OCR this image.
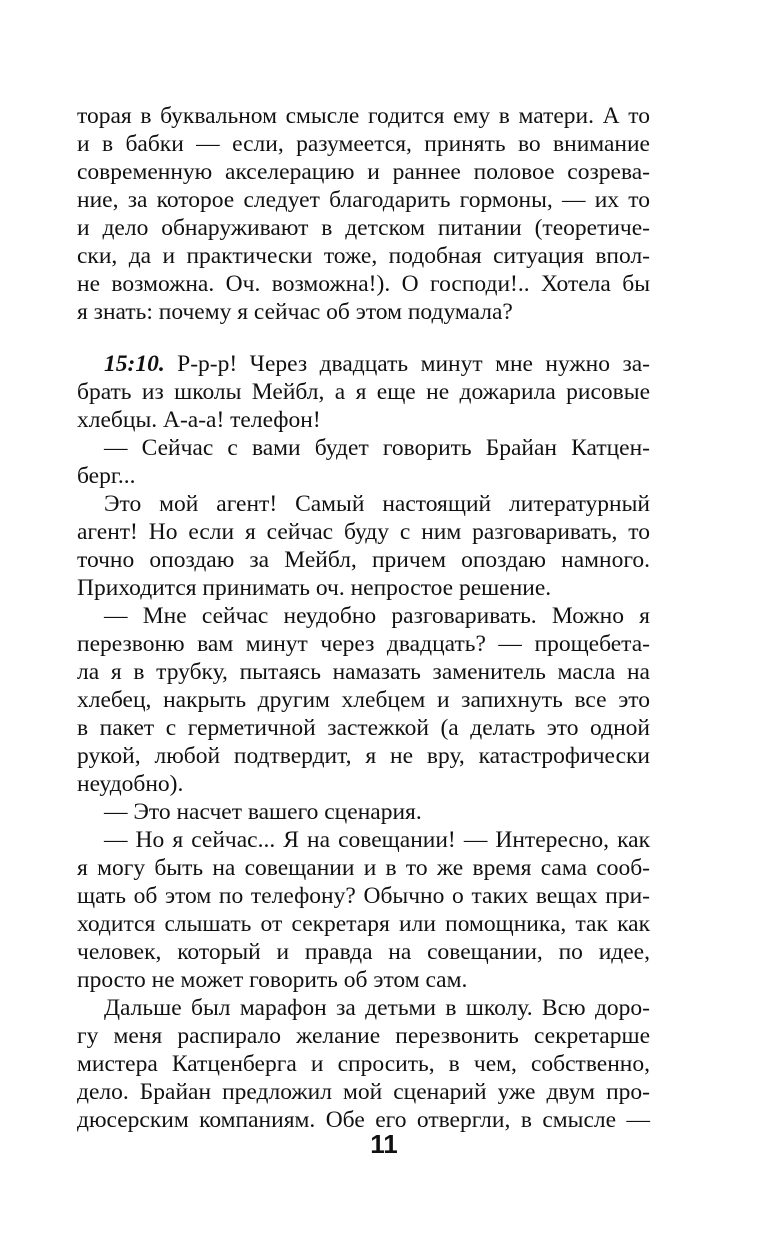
торая в буквальном смысле годится ему в матери. А то
и в бабки — если, разумеется, принять во внимание
современную акселерацию и раннее половое созрева-
ние, за которое следует благодарить гормоны, — их то
и дело обнаруживают в детском питании (теоретиче-
ски, да и практически тоже, подобная ситуация впол-
не возможна. Оч. возможна!). О господи!.. Хотела бы
я знать: почему я сейчас об этом подумала?
15:10. Р-р-р! Через двадцать минут мне нужно за-
брать из школы Мейбл, а я еще не дожарила рисовые
хлебцы. А-а-а! телефон!
— Сейчас с вами будет говорить Брайан Катцен-
берг...
Это мой агент! Самый настоящий литературный
агент! Но если я сейчас буду с ним разговаривать, то
точно опоздаю за Мейбл, причем опоздаю намного.
Приходится принимать оч. непростое решение.
— Мне сейчас неудобно разговаривать. Можно я
перезвоню вам минут через двадцать? — прощебета-
ла я в трубку, пытаясь намазать заменитель масла на
хлебец, накрыть другим хлебцем и запихнуть все это
в пакет с герметичной застежкой (а делать это одной
рукой, любой подтвердит, я не вру, катастрофически
неудобно).
— Это насчет вашего сценария.
— Но я сейчас... Я на совещании! — Интересно, как
я могу быть на совещании и в то же время сама сооб-
щать об этом по телефону? Обычно о таких вещах при-
ходится слышать от секретаря или помощника, так как
человек, который и правда на совещании, по идее,
просто не может говорить об этом сам.
Дальше был марафон за детьми в школу. Всю доро-
гу меня распирало желание перезвонить секретарше
мистера Катценберга и спросить, в чем, собственно,
дело. Брайан предложил мой сценарий уже двум про-
дюсерским компаниям. Обе его отвергли, в смысле —
11
